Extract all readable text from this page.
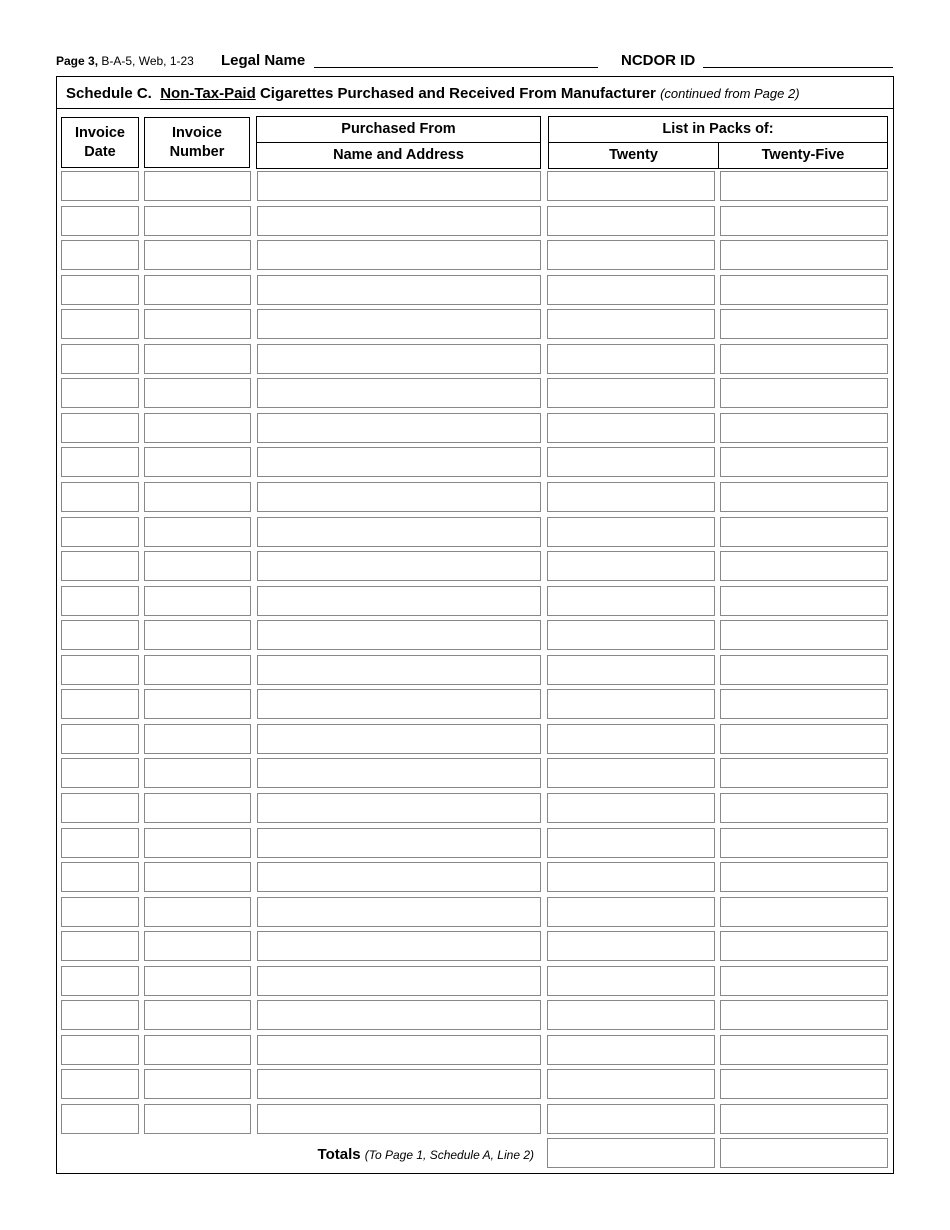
Page 3, B-A-5, Web, 1-23 Legal Name	NCDOR ID
Schedule C. Non-Tax-Paid Cigarettes Purchased and Received From Manufacturer (continued from Page 2)
Invoice Date
Invoice Number
Purchased From
Name and Address
List in Packs of:
Twenty	Twenty-Five
Totals (To Page 1, Schedule A, Line 2)
